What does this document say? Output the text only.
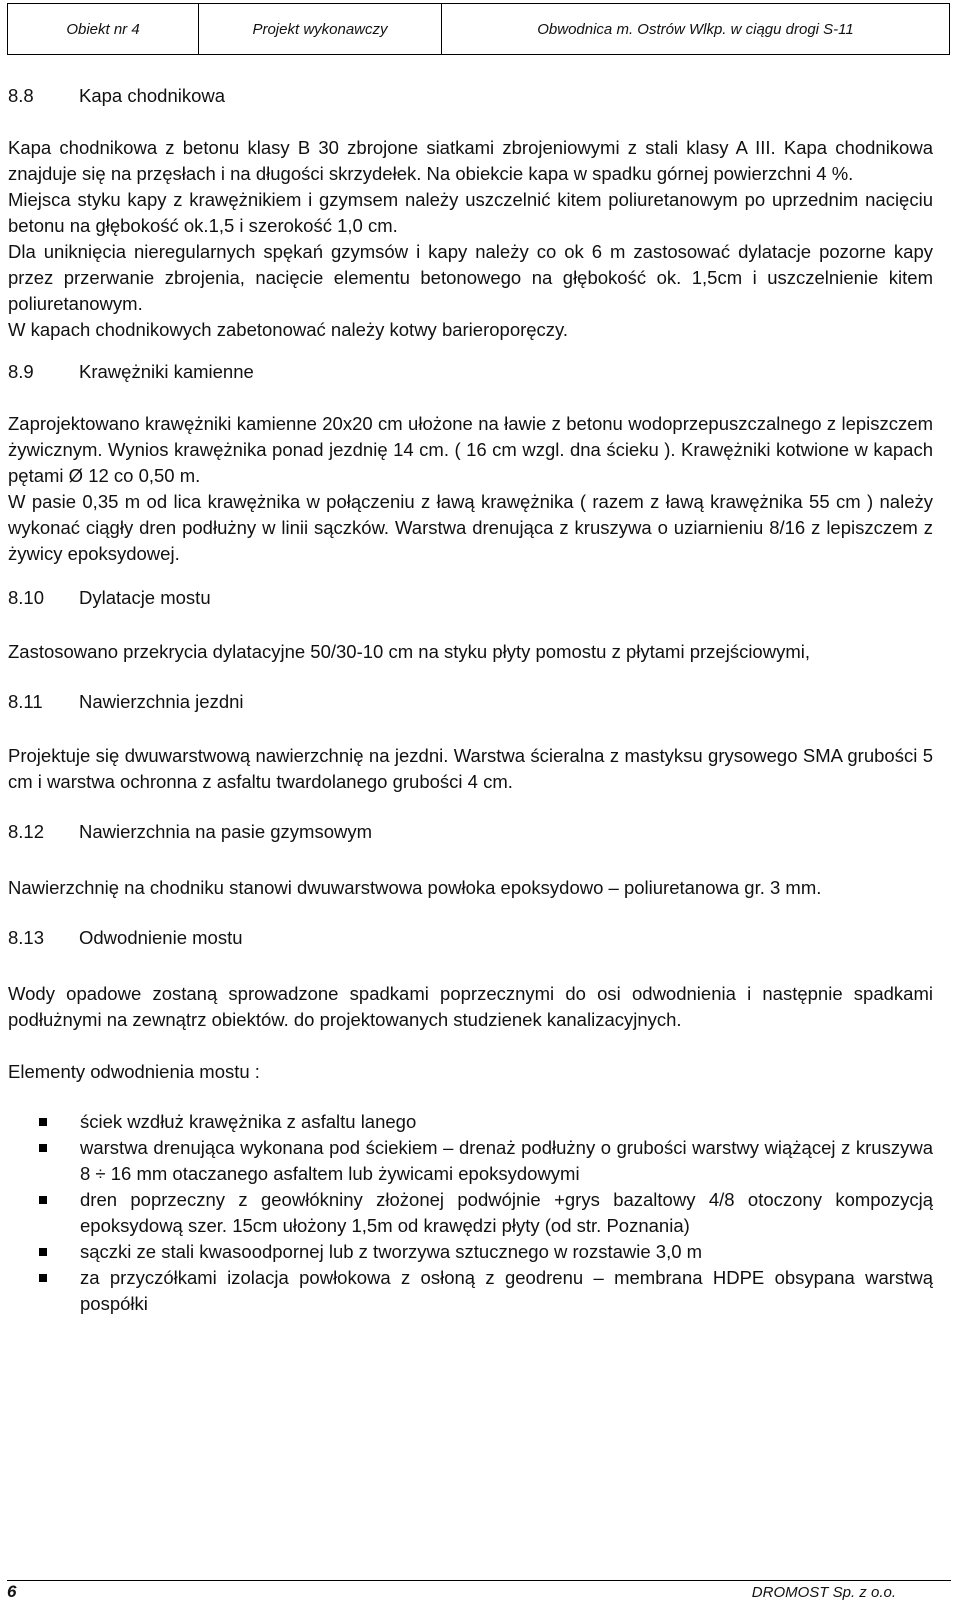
Obiekt nr 4	Projekt wykonawczy	Obwodnica m. Ostrów Wlkp. w ciągu drogi S-11
8.8	Kapa chodnikowa

Kapa chodnikowa z betonu klasy B 30 zbrojone siatkami zbrojeniowymi z stali klasy A III. Kapa chodnikowa znajduje się na przęsłach i na długości skrzydełek. Na obiekcie kapa w spadku górnej powierzchni 4 %.

Miejsca styku kapy z krawężnikiem i gzymsem należy uszczelnić kitem poliuretanowym po uprzednim nacięciu betonu na głębokość ok.1,5 i szerokość 1,0 cm.

Dla uniknięcia nieregularnych spękań gzymsów i kapy należy co ok 6 m zastosować dylatacje pozorne kapy przez przerwanie zbrojenia, nacięcie elementu betonowego na głębokość ok. 1,5cm i uszczelnienie kitem poliuretanowym.

W kapach chodnikowych zabetonować należy kotwy barieroporęczy.

8.9	Krawężniki kamienne

Zaprojektowano krawężniki kamienne 20x20 cm ułożone na ławie z betonu wodoprzepuszczalnego z lepiszczem żywicznym. Wynios krawężnika ponad jezdnię 14 cm. ( 16 cm wzgl. dna ścieku ). Krawężniki kotwione w kapach pętami Ø 12 co 0,50 m.

W pasie 0,35 m od lica krawężnika w połączeniu z ławą krawężnika ( razem z ławą krawężnika 55 cm ) należy wykonać ciągły dren podłużny w linii sączków. Warstwa drenująca z kruszywa o uziarnieniu 8/16 z lepiszczem z żywicy epoksydowej.

8.10	Dylatacje mostu

Zastosowano przekrycia dylatacyjne 50/30-10 cm na styku płyty pomostu z płytami przejściowymi,

8.11	Nawierzchnia jezdni

Projektuje się dwuwarstwową nawierzchnię na jezdni. Warstwa ścieralna z mastyksu grysowego SMA grubości 5 cm i warstwa ochronna z asfaltu twardolanego grubości 4 cm.

8.12	Nawierzchnia na pasie gzymsowym

Nawierzchnię na chodniku stanowi dwuwarstwowa powłoka epoksydowo – poliuretanowa gr. 3 mm.

8.13	Odwodnienie mostu

Wody opadowe zostaną sprowadzone spadkami poprzecznymi do osi odwodnienia i następnie spadkami podłużnymi na zewnątrz obiektów. do projektowanych studzienek kanalizacyjnych.

Elementy odwodnienia mostu :

ściek wzdłuż krawężnika z asfaltu lanego
warstwa drenująca wykonana pod ściekiem – drenaż podłużny o grubości warstwy wiążącej z kruszywa 8 ÷ 16 mm otaczanego asfaltem lub żywicami epoksydowymi
dren poprzeczny z geowłókniny złożonej podwójnie +grys bazaltowy 4/8 otoczony kompozycją epoksydową szer. 15cm ułożony 1,5m od krawędzi płyty (od str. Poznania)
sączki ze stali kwasoodpornej lub z tworzywa sztucznego w rozstawie 3,0 m
za przyczółkami izolacja powłokowa z osłoną z geodrenu – membrana HDPE obsypana warstwą pospółki
6	DROMOST Sp. z o.o.
